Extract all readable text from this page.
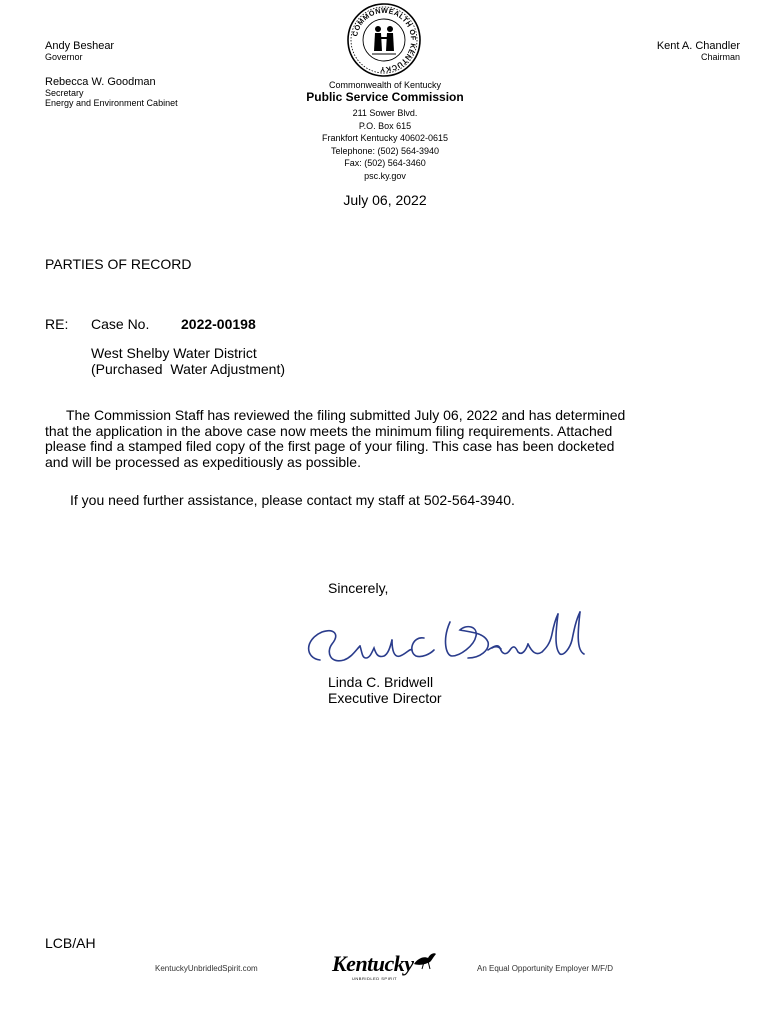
Andy Beshear
Governor
Rebecca W. Goodman
Secretary
Energy and Environment Cabinet
Kent A. Chandler
Chairman
COMMONWEALTH OF KENTUCKY
Commonwealth of Kentucky
Public Service Commission
211 Sower Blvd.
P.O. Box 615
Frankfort Kentucky 40602-0615
Telephone: (502) 564-3940
Fax: (502) 564-3460
psc.ky.gov
July 06, 2022
PARTIES OF RECORD
RE: Case No. 2022-00198
West Shelby Water District
(Purchased  Water Adjustment)
The Commission Staff has reviewed the filing submitted July 06, 2022 and has determined
that the application in the above case now meets the minimum filing requirements. Attached
please find a stamped filed copy of the first page of your filing. This case has been docketed
and will be processed as expeditiously as possible.
If you need further assistance, please contact my staff at 502-564-3940.
Sincerely,
Linda C. Bridwell
Executive Director
LCB/AH
KentuckyUnbridledSpirit.com	Kentucky
UNBRIDLED SPIRIT
An Equal Opportunity Employer M/F/D
